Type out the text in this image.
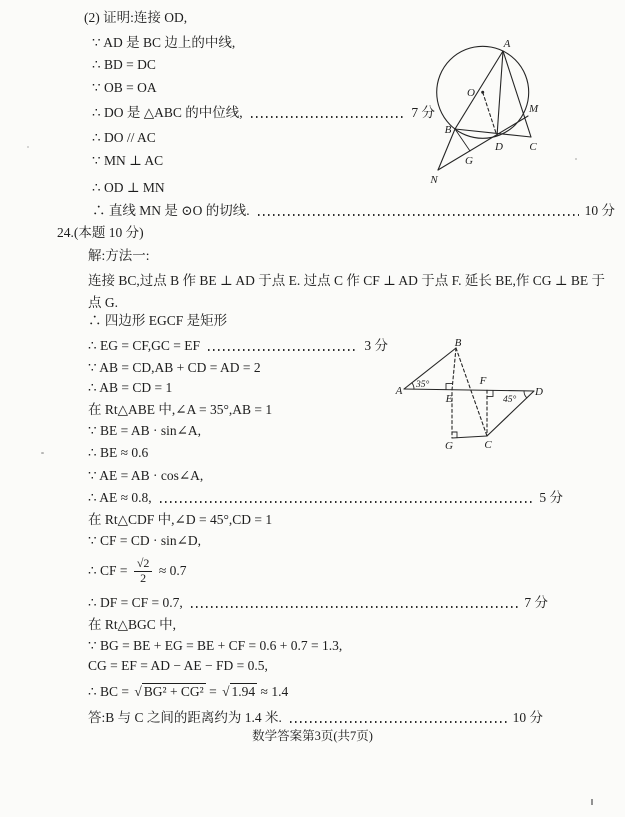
(2) 证明:连接 OD,
∵ AD 是 BC 边上的中线,
∴ BD = DC
∵ OB = OA
∴ DO 是 △ABC 的中位线,	7 分
∴ DO // AC
∵ MN ⊥ AC
∴ OD ⊥ MN
∴ 直线 MN 是 ⊙O 的切线.	10 分
A
O
B
D C
M
G
N
24.(本题 10 分)
解:方法一:
连接 BC,过点 B 作 BE ⊥ AD 于点 E. 过点 C 作 CF ⊥ AD 于点 F. 延长 BE,作 CG ⊥ BE 于
点 G.
∴ 四边形 EGCF 是矩形
∴ EG = CF,GC = EF	3 分
∵ AB = CD,AB + CD = AD = 2
∴ AB = CD = 1
在 Rt△ABE 中,∠A = 35°,AB = 1
∵ BE = AB · sin∠A,
∴ BE ≈ 0.6
∵ AE = AB · cos∠A,
∴ AE ≈ 0.8,	5 分
在 Rt△CDF 中,∠D = 45°,CD = 1
∵ CF = CD · sin∠D,
∴ CF = $\frac{√2}{2} \approx 0.7$
∴ DF = CF = 0.7,	7 分
在 Rt△BGC 中,
∵ BG = BE + EG = BE + CF = 0.6 + 0.7 = 1.3,
CG = EF = AD − AE − FD = 0.5,
∴ BC = √ BG² + CG² = √ 1.94 ≈ 1.4
答:B 与 C 之间的距离约为 1.4 米.	10 分
35°
45°
A
B
E
F
D
G	C
数学答案第3页(共7页)
